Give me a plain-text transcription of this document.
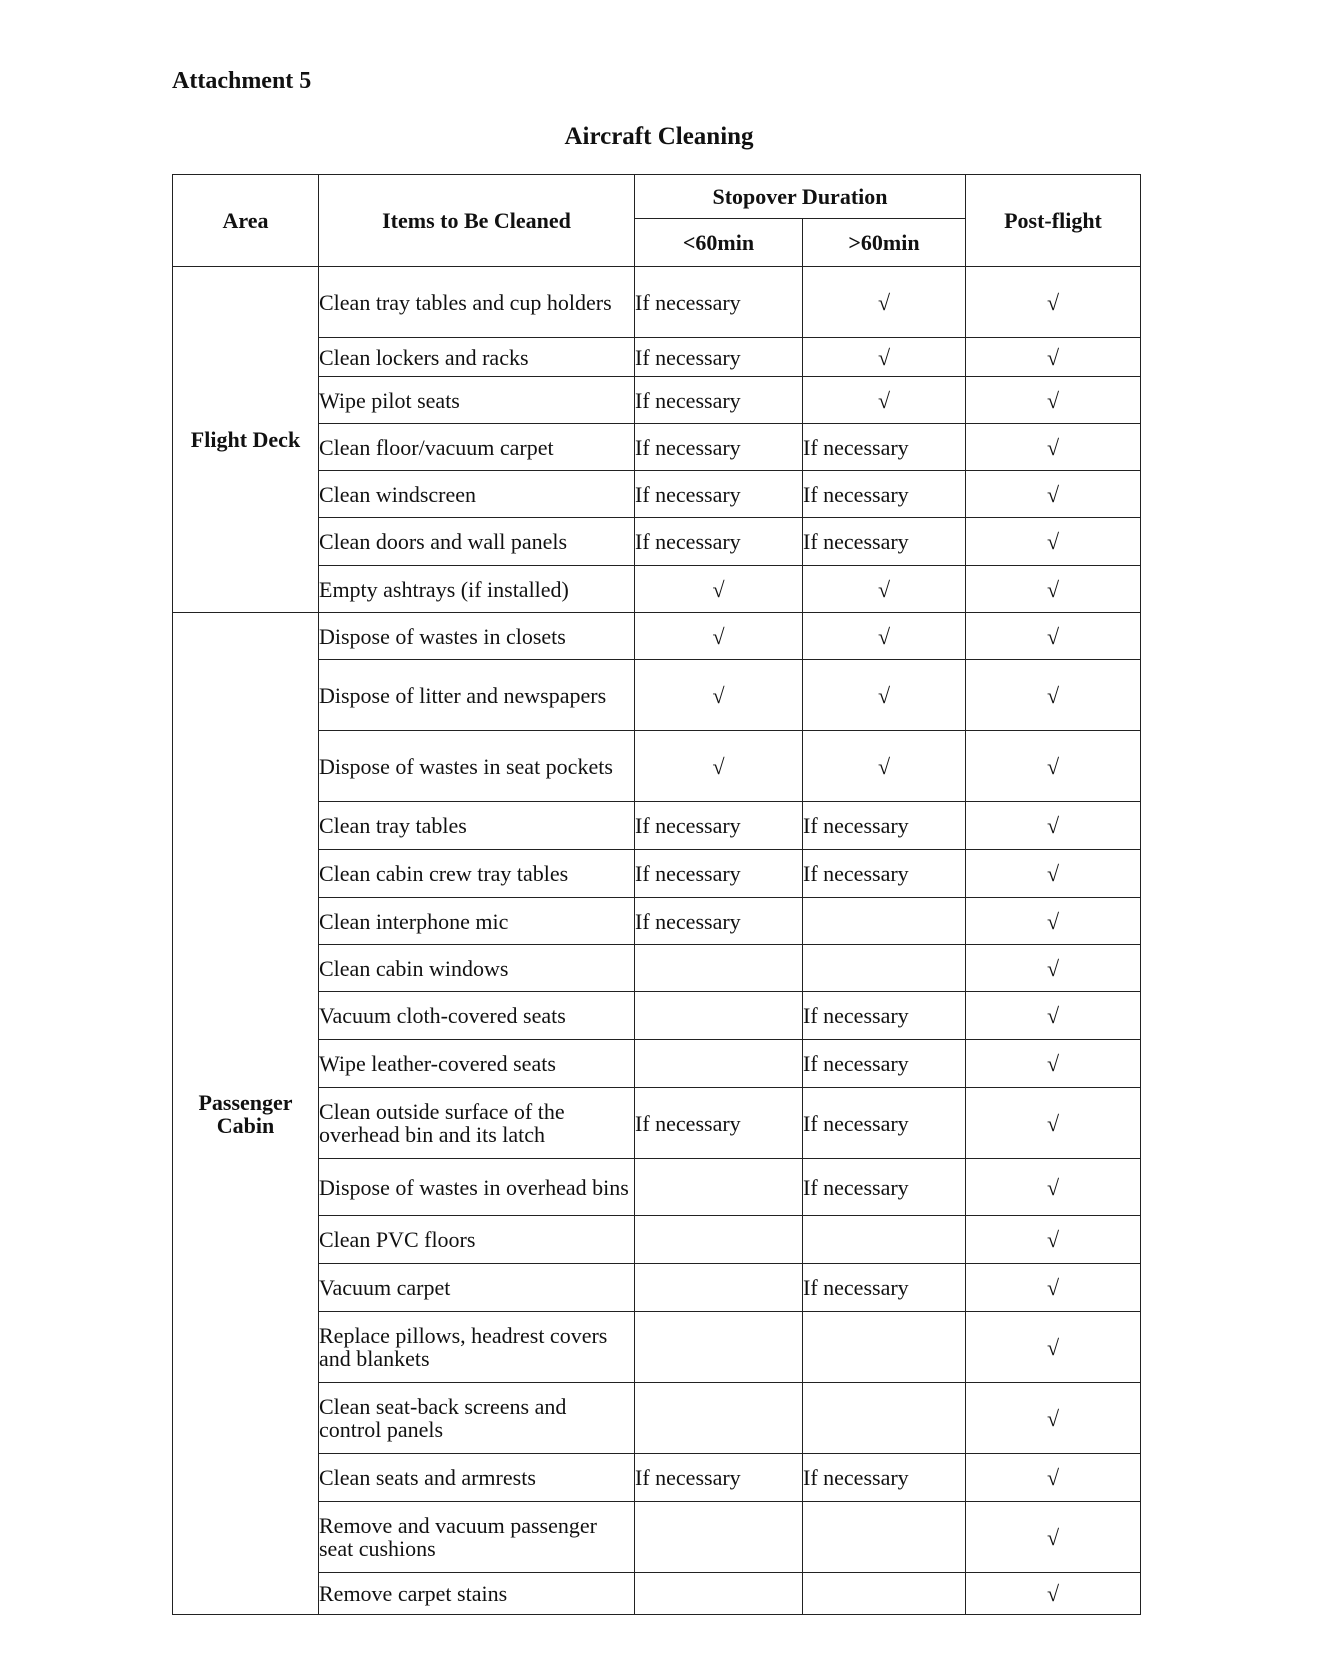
Attachment 5
Aircraft Cleaning
Area	Items to Be Cleaned	Stopover Duration		Post-flight
		<60min	>60min	
Flight Deck	Clean tray tables and cup holders	If necessary	√	√
	Clean lockers and racks	If necessary	√	√
	Wipe pilot seats	If necessary	√	√
	Clean floor/vacuum carpet	If necessary	If necessary	√
	Clean windscreen	If necessary	If necessary	√
	Clean doors and wall panels	If necessary	If necessary	√
	Empty ashtrays (if installed)	√	√	√
Passenger Cabin	Dispose of wastes in closets	√	√	√
	Dispose of litter and newspapers	√	√	√
	Dispose of wastes in seat pockets	√	√	√
	Clean tray tables	If necessary	If necessary	√
	Clean cabin crew tray tables	If necessary	If necessary	√
	Clean interphone mic	If necessary		√
	Clean cabin windows			√
	Vacuum cloth-covered seats		If necessary	√
	Wipe leather-covered seats		If necessary	√
	Clean outside surface of the overhead bin and its latch	If necessary	If necessary	√
	Dispose of wastes in overhead bins		If necessary	√
	Clean PVC floors			√
	Vacuum carpet		If necessary	√
	Replace pillows, headrest covers and blankets			√
	Clean seat-back screens and control panels			√
	Clean seats and armrests	If necessary	If necessary	√
	Remove and vacuum passenger seat cushions			√
	Remove carpet stains			√
